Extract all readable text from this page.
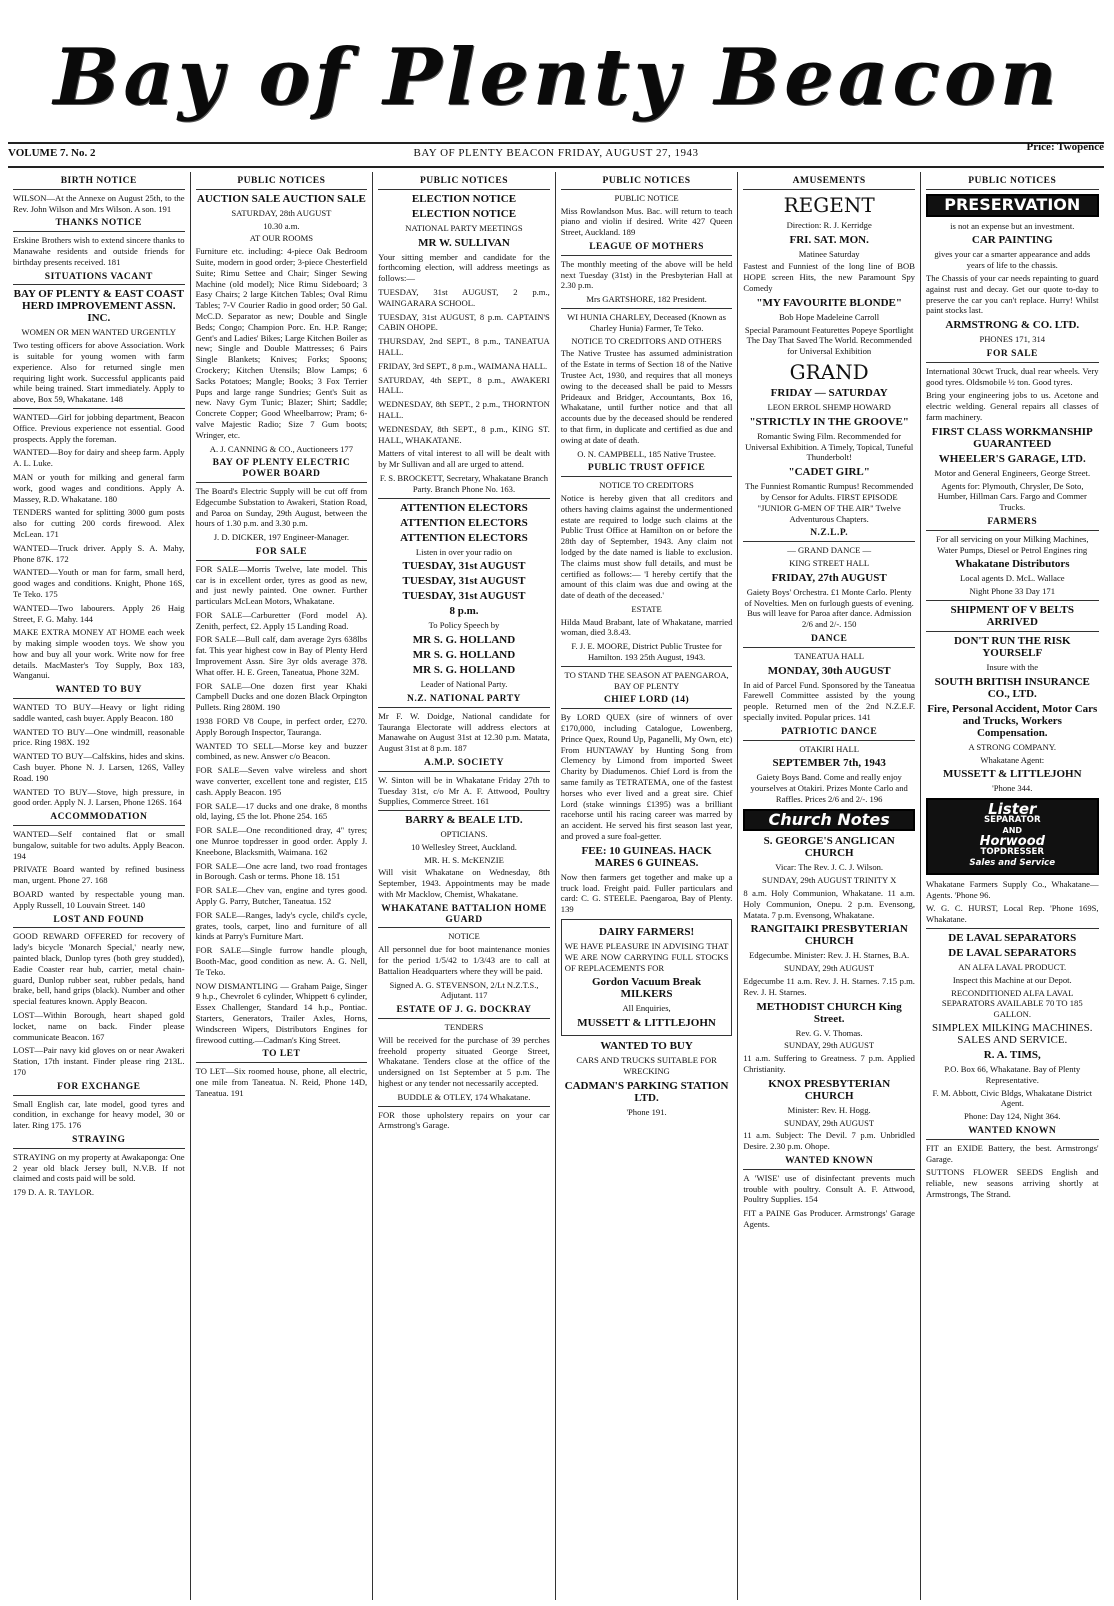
Bay of Plenty Beacon
VOLUME 7. No. 2	BAY OF PLENTY BEACON FRIDAY, AUGUST 27, 1943	Price: Twopence
BIRTH NOTICE

WILSON—At the Annexe on August 25th, to the Rev. John Wilson and Mrs Wilson. A son. 191

THANKS NOTICE

Erskine Brothers wish to extend sincere thanks to Manawahe residents and outside friends for birthday presents received. 181

SITUATIONS VACANT
BAY OF PLENTY & EAST COAST HERD IMPROVEMENT ASSN. INC.
WOMEN OR MEN WANTED URGENTLY

Two testing officers for above Association. Work is suitable for young women with farm experience. Also for returned single men requiring light work. Successful applicants paid while being trained. Start immediately. Apply to above, Box 59, Whakatane. 148

WANTED—Girl for jobbing department, Beacon Office. Previous experience not essential. Good prospects. Apply the foreman.

WANTED—Boy for dairy and sheep farm. Apply A. L. Luke.

MAN or youth for milking and general farm work, good wages and conditions. Apply A. Massey, R.D. Whakatane. 180

TENDERS wanted for splitting 3000 gum posts also for cutting 200 cords firewood. Alex McLean. 171

WANTED—Truck driver. Apply S. A. Mahy, Phone 87K. 172

WANTED—Youth or man for farm, small herd, good wages and conditions. Knight, Phone 16S, Te Teko. 175

WANTED—Two labourers. Apply 26 Haig Street, F. G. Mahy. 144

MAKE EXTRA MONEY AT HOME each week by making simple wooden toys. We show you how and buy all your work. Write now for free details. MacMaster's Toy Supply, Box 183, Wanganui.

WANTED TO BUY

WANTED TO BUY—Heavy or light riding saddle wanted, cash buyer. Apply Beacon. 180

WANTED TO BUY—One windmill, reasonable price. Ring 198X. 192

WANTED TO BUY—Calfskins, hides and skins. Cash buyer. Phone N. J. Larsen, 126S, Valley Road. 190

WANTED TO BUY—Stove, high pressure, in good order. Apply N. J. Larsen, Phone 126S. 164

ACCOMMODATION

WANTED—Self contained flat or small bungalow, suitable for two adults. Apply Beacon. 194

PRIVATE Board wanted by refined business man, urgent. Phone 27. 168

BOARD wanted by respectable young man. Apply Russell, 10 Louvain Street. 140

LOST AND FOUND

GOOD REWARD OFFERED for recovery of lady's bicycle 'Monarch Special,' nearly new, painted black, Dunlop tyres (both grey studded), Eadie Coaster rear hub, carrier, metal chain-guard, Dunlop rubber seat, rubber pedals, hand brake, bell, hand grips (black). Number and other special features known. Apply Beacon.

LOST—Within Borough, heart shaped gold locket, name on back. Finder please communicate Beacon. 167

LOST—Pair navy kid gloves on or near Awakeri Station, 17th instant. Finder please ring 213L. 170

FOR EXCHANGE

Small English car, late model, good tyres and condition, in exchange for heavy model, 30 or later. Ring 175. 176

STRAYING

STRAYING on my property at Awakaponga: One 2 year old black Jersey bull, N.V.B. If not claimed and costs paid will be sold.

179 D. A. R. TAYLOR.

PUBLIC NOTICES
AUCTION SALE AUCTION SALE
SATURDAY, 28th AUGUST
10.30 a.m.
AT OUR ROOMS

Furniture etc. including: 4-piece Oak Bedroom Suite, modern in good order; 3-piece Chesterfield Suite; Rimu Settee and Chair; Singer Sewing Machine (old model); Nice Rimu Sideboard; 3 Easy Chairs; 2 large Kitchen Tables; Oval Rimu Tables; 7-V Courier Radio in good order; 50 Gal. McC.D. Separator as new; Double and Single Beds; Congo; Champion Porc. En. H.P. Range; Gent's and Ladies' Bikes; Large Kitchen Boiler as new; Single and Double Mattresses; 6 Pairs Single Blankets; Knives; Forks; Spoons; Crockery; Kitchen Utensils; Blow Lamps; 6 Sacks Potatoes; Mangle; Books; 3 Fox Terrier Pups and large range Sundries; Gent's Suit as new. Navy Gym Tunic; Blazer; Shirt; Saddle; Concrete Copper; Good Wheelbarrow; Pram; 6-valve Majestic Radio; Size 7 Gum boots; Wringer, etc.

A. J. CANNING & CO., Auctioneers 177
BAY OF PLENTY ELECTRIC POWER BOARD

The Board's Electric Supply will be cut off from Edgecumbe Substation to Awakeri, Station Road, and Paroa on Sunday, 29th August, between the hours of 1.30 p.m. and 3.30 p.m.

J. D. DICKER, 197 Engineer-Manager.
FOR SALE

FOR SALE—Morris Twelve, late model. This car is in excellent order, tyres as good as new, and just newly painted. One owner. Further particulars McLean Motors, Whakatane.

FOR SALE—Carburetter (Ford model A). Zenith, perfect, £2. Apply 15 Landing Road.

FOR SALE—Bull calf, dam average 2yrs 638lbs fat. This year highest cow in Bay of Plenty Herd Improvement Assn. Sire 3yr olds average 378. What offer. H. E. Green, Taneatua, Phone 32M.

FOR SALE—One dozen first year Khaki Campbell Ducks and one dozen Black Orpington Pullets. Ring 280M. 190

1938 FORD V8 Coupe, in perfect order, £270. Apply Borough Inspector, Tauranga.

WANTED TO SELL—Morse key and buzzer combined, as new. Answer c/o Beacon.

FOR SALE—Seven valve wireless and short wave converter, excellent tone and register, £15 cash. Apply Beacon. 195

FOR SALE—17 ducks and one drake, 8 months old, laying, £5 the lot. Phone 254. 165

FOR SALE—One reconditioned dray, 4" tyres; one Munroe topdresser in good order. Apply J. Kneebone, Blacksmith, Waimana. 162

FOR SALE—One acre land, two road frontages in Borough. Cash or terms. Phone 18. 151

FOR SALE—Chev van, engine and tyres good. Apply G. Parry, Butcher, Taneatua. 152

FOR SALE—Ranges, lady's cycle, child's cycle, grates, tools, carpet, lino and furniture of all kinds at Parry's Furniture Mart.

FOR SALE—Single furrow handle plough, Booth-Mac, good condition as new. A. G. Nell, Te Teko.

NOW DISMANTLING — Graham Paige, Singer 9 h.p., Chevrolet 6 cylinder, Whippett 6 cylinder, Essex Challenger, Standard 14 h.p., Pontiac. Starters, Generators, Trailer Axles, Horns, Windscreen Wipers, Distributors Engines for firewood cutting.—Cadman's King Street.

TO LET

TO LET—Six roomed house, phone, all electric, one mile from Taneatua. N. Reid, Phone 14D, Taneatua. 191

PUBLIC NOTICES
ELECTION NOTICE
ELECTION NOTICE
NATIONAL PARTY MEETINGS
MR W. SULLIVAN

Your sitting member and candidate for the forthcoming election, will address meetings as follows:—

TUESDAY, 31st AUGUST, 2 p.m., WAINGARARA SCHOOL.

TUESDAY, 31st AUGUST, 8 p.m. CAPTAIN'S CABIN OHOPE.

THURSDAY, 2nd SEPT., 8 p.m., TANEATUA HALL.

FRIDAY, 3rd SEPT., 8 p.m., WAIMANA HALL.

SATURDAY, 4th SEPT., 8 p.m., AWAKERI HALL.

WEDNESDAY, 8th SEPT., 2 p.m., THORNTON HALL.

WEDNESDAY, 8th SEPT., 8 p.m., KING ST. HALL, WHAKATANE.

Matters of vital interest to all will be dealt with by Mr Sullivan and all are urged to attend.

F. S. BROCKETT, Secretary, Whakatane Branch Party. Branch Phone No. 163.
ATTENTION ELECTORS
ATTENTION ELECTORS
ATTENTION ELECTORS
Listen in over your radio on
TUESDAY, 31st AUGUST
TUESDAY, 31st AUGUST
TUESDAY, 31st AUGUST
8 p.m.
To Policy Speech by
MR S. G. HOLLAND
MR S. G. HOLLAND
MR S. G. HOLLAND
Leader of National Party.
N.Z. NATIONAL PARTY

Mr F. W. Doidge, National candidate for Tauranga Electorate will address electors at Manawahe on August 31st at 12.30 p.m. Matata, August 31st at 8 p.m. 187

A.M.P. SOCIETY

W. Sinton will be in Whakatane Friday 27th to Tuesday 31st, c/o Mr A. F. Attwood, Poultry Supplies, Commerce Street. 161

BARRY & BEALE LTD.
OPTICIANS.
10 Wellesley Street, Auckland.
MR. H. S. McKENZIE

Will visit Whakatane on Wednesday, 8th September, 1943. Appointments may be made with Mr Macklow, Chemist, Whakatane.

WHAKATANE BATTALION HOME GUARD
NOTICE

All personnel due for boot maintenance monies for the period 1/5/42 to 1/3/43 are to call at Battalion Headquarters where they will be paid.

Signed A. G. STEVENSON, 2/Lt N.Z.T.S., Adjutant. 117
ESTATE OF J. G. DOCKRAY
TENDERS

Will be received for the purchase of 39 perches freehold property situated George Street, Whakatane. Tenders close at the office of the undersigned on 1st September at 5 p.m. The highest or any tender not necessarily accepted.

BUDDLE & OTLEY, 174 Whakatane.

FOR those upholstery repairs on your car Armstrong's Garage.

PUBLIC NOTICES
PUBLIC NOTICE

Miss Rowlandson Mus. Bac. will return to teach piano and violin if desired. Write 427 Queen Street, Auckland. 189

LEAGUE OF MOTHERS

The monthly meeting of the above will be held next Tuesday (31st) in the Presbyterian Hall at 2.30 p.m.

Mrs GARTSHORE, 182 President.
WI HUNIA CHARLEY, Deceased (Known as Charley Hunia) Farmer, Te Teko.
NOTICE TO CREDITORS AND OTHERS

The Native Trustee has assumed administration of the Estate in terms of Section 18 of the Native Trustee Act, 1930, and requires that all moneys owing to the deceased shall be paid to Messrs Prideaux and Bridger, Accountants, Box 16, Whakatane, until further notice and that all accounts due by the deceased should be rendered to that firm, in duplicate and certified as due and owing at date of death.

O. N. CAMPBELL, 185 Native Trustee.
PUBLIC TRUST OFFICE
NOTICE TO CREDITORS

Notice is hereby given that all creditors and others having claims against the undermentioned estate are required to lodge such claims at the Public Trust Office at Hamilton on or before the 28th day of September, 1943. Any claim not lodged by the date named is liable to exclusion. The claims must show full details, and must be certified as follows:— 'I hereby certify that the amount of this claim was due and owing at the date of death of the deceased.'

ESTATE

Hilda Maud Brabant, late of Whakatane, married woman, died 3.8.43.

F. J. E. MOORE, District Public Trustee for Hamilton. 193 25th August, 1943.
TO STAND THE SEASON AT PAENGAROA, BAY OF PLENTY
CHIEF LORD (14)

By LORD QUEX (sire of winners of over £170,000, including Catalogue, Lowenberg, Prince Quex, Round Up, Paganelli, My Own, etc) From HUNTAWAY by Hunting Song from Clemency by Limond from imported Sweet Charity by Diadumenos. Chief Lord is from the same family as TETRATEMA, one of the fastest horses who ever lived and a great sire. Chief Lord (stake winnings £1395) was a brilliant racehorse until his racing career was marred by an accident. He served his first season last year, and proved a sure foal-getter.

FEE: 10 GUINEAS. HACK MARES 6 GUINEAS.

Now then farmers get together and make up a truck load. Freight paid. Fuller particulars and card: C. G. STEELE. Paengaroa, Bay of Plenty. 139

DAIRY FARMERS!

WE HAVE PLEASURE IN ADVISING THAT WE ARE NOW CARRYING FULL STOCKS OF REPLACEMENTS FOR

Gordon Vacuum Break MILKERS
All Enquiries,
MUSSETT & LITTLEJOHN
WANTED TO BUY
CARS AND TRUCKS SUITABLE FOR WRECKING
CADMAN'S PARKING STATION LTD.
'Phone 191.
AMUSEMENTS
REGENT
Direction: R. J. Kerridge
FRI. SAT. MON.
Matinee Saturday

Fastest and Funniest of the long line of BOB HOPE screen Hits, the new Paramount Spy Comedy

"MY FAVOURITE BLONDE"
Bob Hope Madeleine Carroll
Special Paramount Featurettes Popeye Sportlight The Day That Saved The World. Recommended for Universal Exhibition
GRAND
FRIDAY — SATURDAY
LEON ERROL SHEMP HOWARD
"STRICTLY IN THE GROOVE"
Romantic Swing Film. Recommended for Universal Exhibition. A Timely, Topical, Tuneful Thunderbolt!
"CADET GIRL"
The Funniest Romantic Rumpus! Recommended by Censor for Adults. FIRST EPISODE "JUNIOR G-MEN OF THE AIR" Twelve Adventurous Chapters.
N.Z.L.P.
— GRAND DANCE —
KING STREET HALL
FRIDAY, 27th AUGUST
Gaiety Boys' Orchestra. £1 Monte Carlo. Plenty of Novelties. Men on furlough guests of evening. Bus will leave for Paroa after dance. Admission 2/6 and 2/-. 150
DANCE
TANEATUA HALL
MONDAY, 30th AUGUST

In aid of Parcel Fund. Sponsored by the Taneatua Farewell Committee assisted by the young people. Returned men of the 2nd N.Z.E.F. specially invited. Popular prices. 141

PATRIOTIC DANCE
OTAKIRI HALL
SEPTEMBER 7th, 1943
Gaiety Boys Band. Come and really enjoy yourselves at Otakiri. Prizes Monte Carlo and Raffles. Prices 2/6 and 2/-. 196
Church Notes
S. GEORGE'S ANGLICAN CHURCH
Vicar: The Rev. J. C. J. Wilson.
SUNDAY, 29th AUGUST TRINITY X

8 a.m. Holy Communion, Whakatane. 11 a.m. Holy Communion, Onepu. 2 p.m. Evensong, Matata. 7 p.m. Evensong, Whakatane.

RANGITAIKI PRESBYTERIAN CHURCH
Edgecumbe. Minister: Rev. J. H. Starnes, B.A.
SUNDAY, 29th AUGUST

Edgecumbe 11 a.m. Rev. J. H. Starnes. 7.15 p.m. Rev. J. H. Starnes.

METHODIST CHURCH King Street.
Rev. G. V. Thomas.
SUNDAY, 29th AUGUST

11 a.m. Suffering to Greatness. 7 p.m. Applied Christianity.

KNOX PRESBYTERIAN CHURCH
Minister: Rev. H. Hogg.
SUNDAY, 29th AUGUST

11 a.m. Subject: The Devil. 7 p.m. Unbridled Desire. 2.30 p.m. Ohope.

WANTED KNOWN

A 'WISE' use of disinfectant prevents much trouble with poultry. Consult A. F. Attwood, Poultry Supplies. 154

FIT a PAINE Gas Producer. Armstrongs' Garage Agents.

PUBLIC NOTICES
PRESERVATION
is not an expense but an investment.
CAR PAINTING
gives your car a smarter appearance and adds years of life to the chassis.

The Chassis of your car needs repainting to guard against rust and decay. Get our quote to-day to preserve the car you can't replace. Hurry! Whilst paint stocks last.

ARMSTRONG & CO. LTD.
PHONES 171, 314
FOR SALE

International 30cwt Truck, dual rear wheels. Very good tyres. Oldsmobile ½ ton. Good tyres.

Bring your engineering jobs to us. Acetone and electric welding. General repairs all classes of farm machinery.

FIRST CLASS WORKMANSHIP GUARANTEED
WHEELER'S GARAGE, LTD.
Motor and General Engineers, George Street.
Agents for: Plymouth, Chrysler, De Soto, Humber, Hillman Cars. Fargo and Commer Trucks.
FARMERS
For all servicing on your Milking Machines, Water Pumps, Diesel or Petrol Engines ring
Whakatane Distributors
Local agents D. McL. Wallace
Night Phone 33 Day 171
SHIPMENT OF V BELTS ARRIVED
DON'T RUN THE RISK YOURSELF
Insure with the
SOUTH BRITISH INSURANCE CO., LTD.
Fire, Personal Accident, Motor Cars and Trucks, Workers Compensation.
A STRONG COMPANY.
Whakatane Agent:
MUSSETT & LITTLEJOHN
'Phone 344.
Lister
SEPARATOR
AND
Horwood
TOPDRESSER
Sales and Service

Whakatane Farmers Supply Co., Whakatane—Agents. 'Phone 96.

W. G. C. HURST, Local Rep. 'Phone 169S, Whakatane.

DE LAVAL SEPARATORS
DE LAVAL SEPARATORS
AN ALFA LAVAL PRODUCT.
Inspect this Machine at our Depot.
RECONDITIONED ALFA LAVAL SEPARATORS AVAILABLE 70 TO 185 GALLON.
SIMPLEX MILKING MACHINES. SALES AND SERVICE.
R. A. TIMS,
P.O. Box 66, Whakatane. Bay of Plenty Representative.
F. M. Abbott, Civic Bldgs, Whakatane District Agent.
Phone: Day 124, Night 364.
WANTED KNOWN

FIT an EXIDE Battery, the best. Armstrongs' Garage.

SUTTONS FLOWER SEEDS English and reliable, new seasons arriving shortly at Armstrongs, The Strand.
